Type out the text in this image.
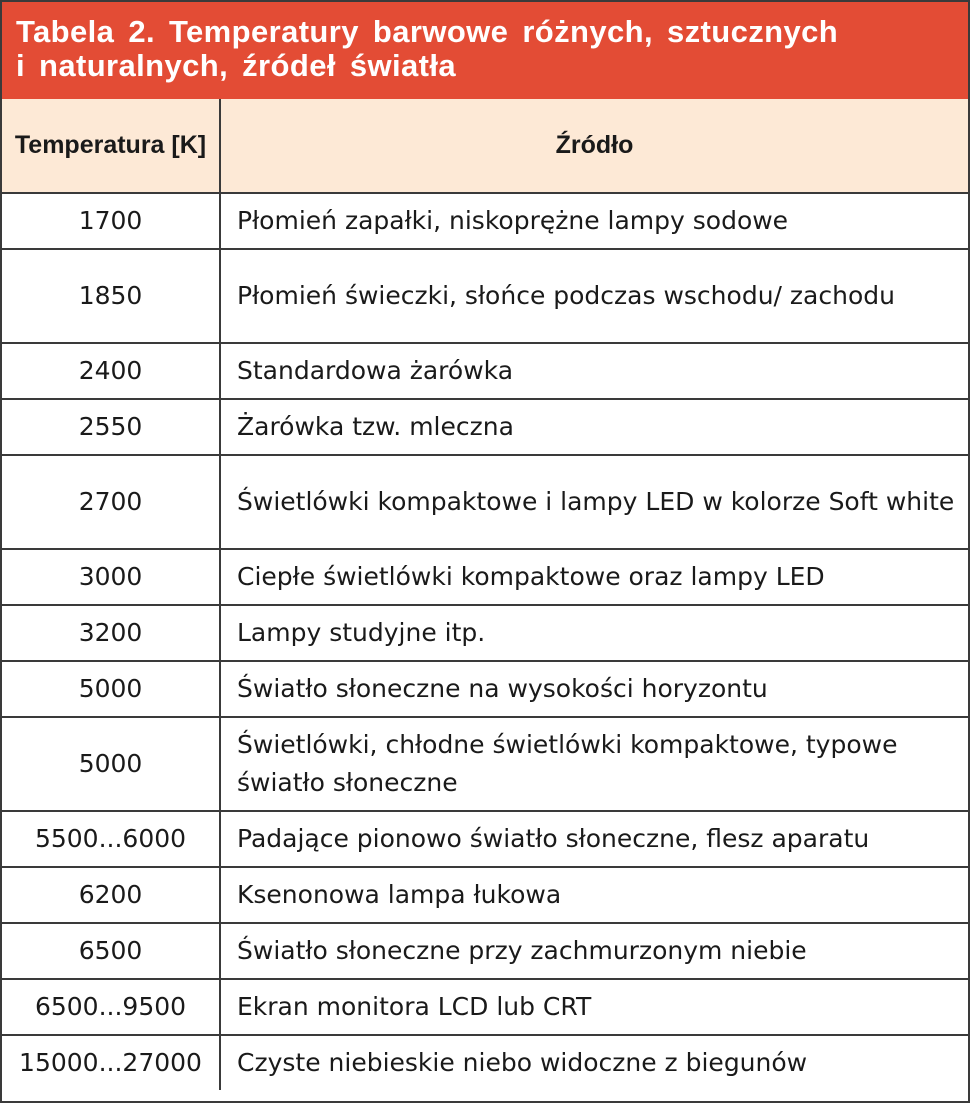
Tabela 2. Temperatury barwowe różnych, sztucznych
i naturalnych, źródeł światła
Temperatura [K]	Źródło
1700	Płomień zapałki, niskoprężne lampy sodowe
1850	Płomień świeczki, słońce podczas wschodu/ zachodu
2400	Standardowa żarówka
2550	Żarówka tzw. mleczna
2700	Świetlówki kompaktowe i lampy LED w kolorze Soft white
3000	Ciepłe świetlówki kompaktowe oraz lampy LED
3200	Lampy studyjne itp.
5000	Światło słoneczne na wysokości horyzontu
5000	Świetlówki, chłodne świetlówki kompaktowe, typowe światło słoneczne
5500...6000	Padające pionowo światło słoneczne, flesz aparatu
6200	Ksenonowa lampa łukowa
6500	Światło słoneczne przy zachmurzonym niebie
6500...9500	Ekran monitora LCD lub CRT
15000...27000	Czyste niebieskie niebo widoczne z biegunów
